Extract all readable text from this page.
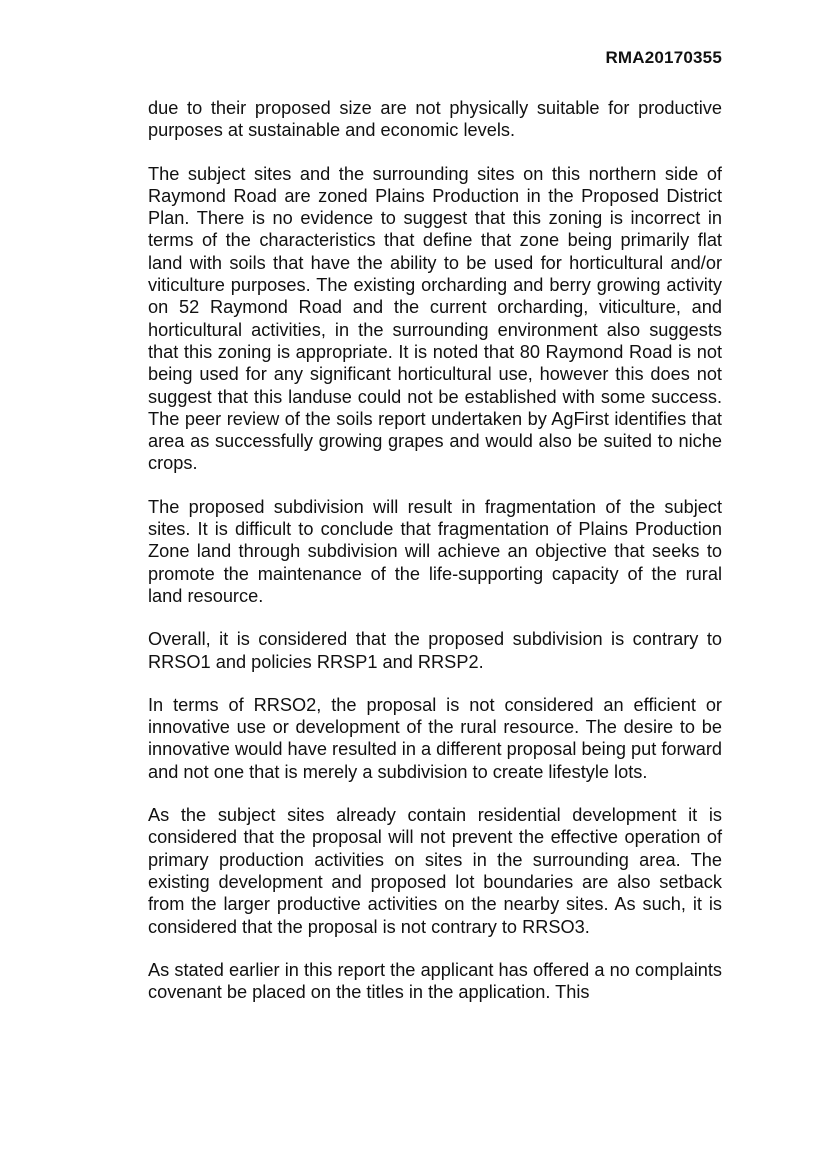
RMA20170355

due to their proposed size are not physically suitable for productive purposes at sustainable and economic levels.

The subject sites and the surrounding sites on this northern side of Raymond Road are zoned Plains Production in the Proposed District Plan. There is no evidence to suggest that this zoning is incorrect in terms of the characteristics that define that zone being primarily flat land with soils that have the ability to be used for horticultural and/or viticulture purposes. The existing orcharding and berry growing activity on 52 Raymond Road and the current orcharding, viticulture, and horticultural activities, in the surrounding environment also suggests that this zoning is appropriate. It is noted that 80 Raymond Road is not being used for any significant horticultural use, however this does not suggest that this landuse could not be established with some success. The peer review of the soils report undertaken by AgFirst identifies that area as successfully growing grapes and would also be suited to niche crops.

The proposed subdivision will result in fragmentation of the subject sites. It is difficult to conclude that fragmentation of Plains Production Zone land through subdivision will achieve an objective that seeks to promote the maintenance of the life-supporting capacity of the rural land resource.

Overall, it is considered that the proposed subdivision is contrary to RRSO1 and policies RRSP1 and RRSP2.

In terms of RRSO2, the proposal is not considered an efficient or innovative use or development of the rural resource. The desire to be innovative would have resulted in a different proposal being put forward and not one that is merely a subdivision to create lifestyle lots.

As the subject sites already contain residential development it is considered that the proposal will not prevent the effective operation of primary production activities on sites in the surrounding area. The existing development and proposed lot boundaries are also setback from the larger productive activities on the nearby sites. As such, it is considered that the proposal is not contrary to RRSO3.

As stated earlier in this report the applicant has offered a no complaints covenant be placed on the titles in the application. This
